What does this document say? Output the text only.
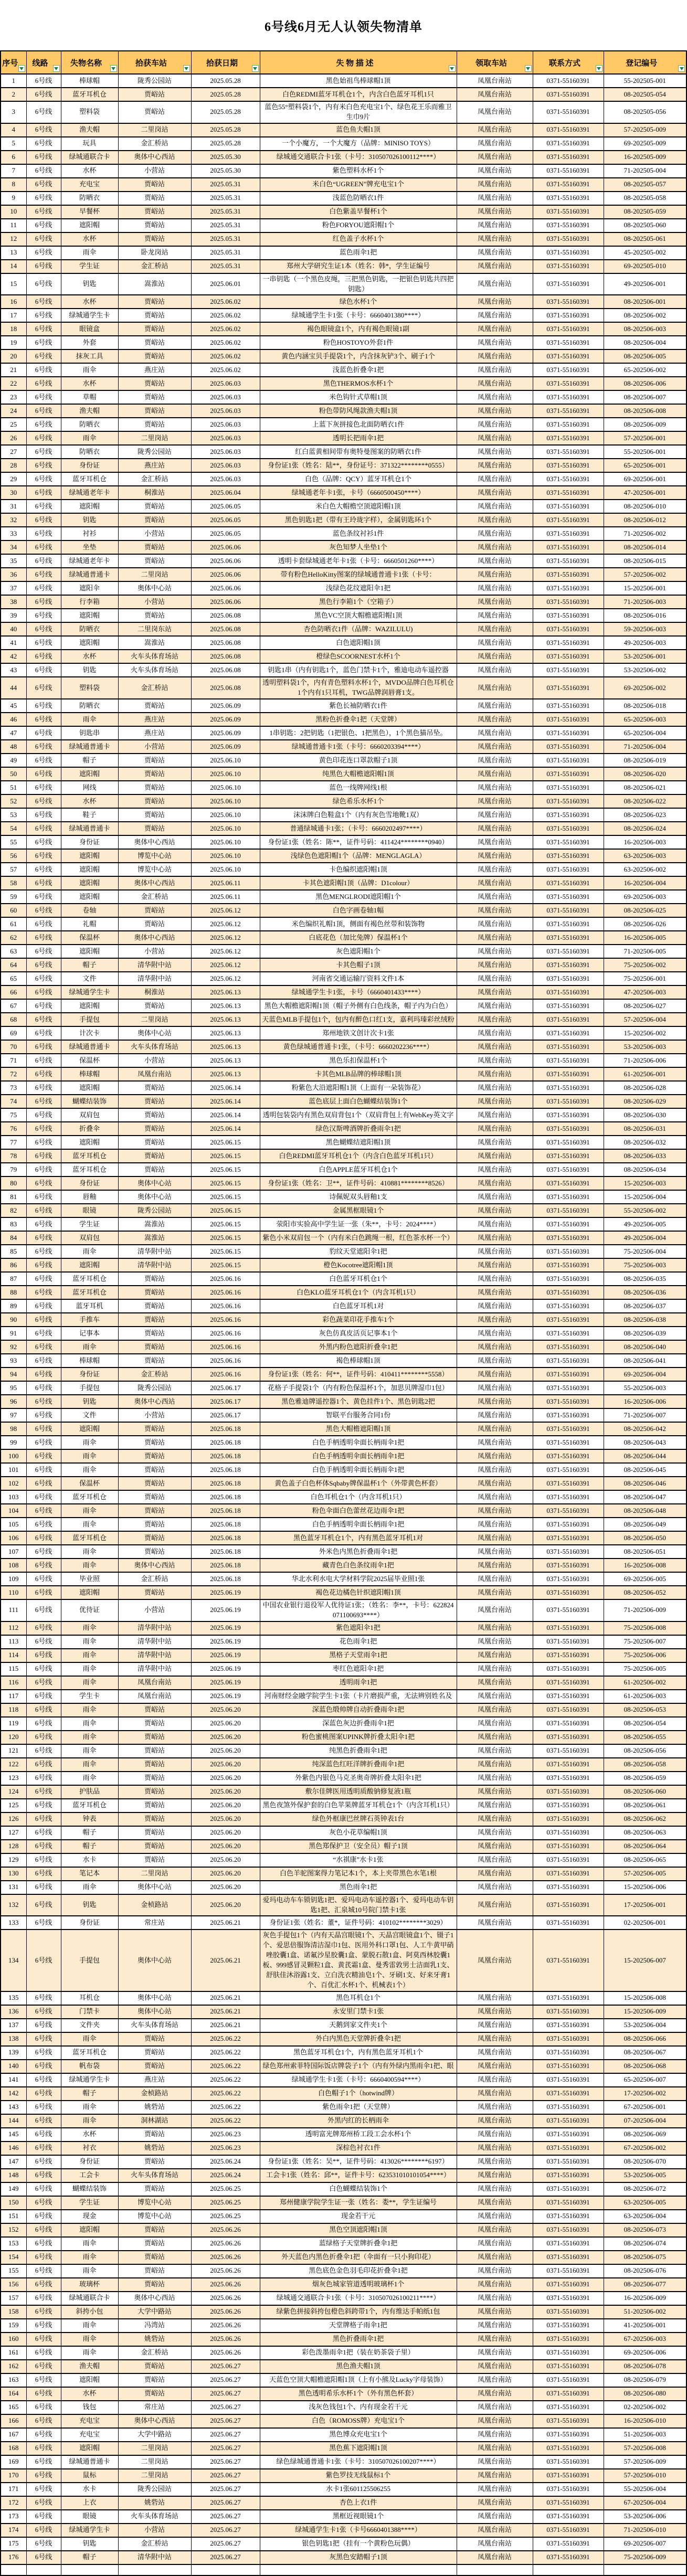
6号线6月无人认领失物清单
序号	线路	失物名称	拾获车站	拾获日期	失 物 描 述	领取车站	联系方式	登记编号

1	6号线	棒球帽	陇秀公园站	2025.05.28	黑色始祖鸟棒球帽1顶	凤凰台南站	0371-55160391	55-202505-001
2	6号线	蓝牙耳机仓	贾峪站	2025.05.28	白色REDMI蓝牙耳机仓1个，内含白色蓝牙耳机1只	凤凰台南站	0371-55160391	08-202505-054
3	6号线	塑料袋	贾峪站	2025.05.28	蓝色55°塑料袋1个，内有米白色充电宝1个、绿色花王乐而雅卫生巾9片	凤凰台南站	0371-55160391	08-202505-056
4	6号线	渔夫帽	二里岗站	2025.05.28	蓝色鱼夫帽1顶	凤凰台南站	0371-55160391	57-202505-009
5	6号线	玩具	金汇桥站	2025.05.28	一个小魔方，一个大魔方（品牌：MINISO TOYS）	凤凰台南站	0371-55160391	69-202505-009
6	6号线	绿城通联合卡	奥体中心西站	2025.05.30	绿城通交通联合卡1张（卡号：310507026100112****）	凤凰台南站	0371-55160391	16-202505-009
7	6号线	水杯	小营站	2025.05.30	紫色塑料水杯1个	凤凰台南站	0371-55160391	71-202505-004
8	6号线	充电宝	贾峪站	2025.05.31	米白色“UGREEN”牌充电宝1个	凤凰台南站	0371-55160391	08-202505-057
9	6号线	防晒衣	贾峪站	2025.05.31	浅蓝色防晒衣1件	凤凰台南站	0371-55160391	08-202505-058
10	6号线	早餐杯	贾峪站	2025.05.31	白色紫盖早餐杯1个	凤凰台南站	0371-55160391	08-202505-059
11	6号线	遮阳帽	贾峪站	2025.05.31	粉色FORYOU遮阳帽1个	凤凰台南站	0371-55160391	08-202505-060
12	6号线	水杯	贾峪站	2025.05.31	红色盖子水杯1个	凤凰台南站	0371-55160391	08-202505-061
13	6号线	雨伞	卧龙岗站	2025.05.31	蓝色雨伞1把	凤凰台南站	0371-55160391	45-202505-002
14	6号线	学生证	金汇桥站	2025.05.31	郑州大学研究生证1本（姓名：韩*，学生证编号	凤凰台南站	0371-55160391	69-202505-010
15	6号线	钥匙	嵩淮站	2025.06.01	一串钥匙（一个黑色皮绳，三把黑色钥匙，一把银色钥匙共四把钥匙）	凤凰台南站	0371-55160391	49-202506-001
16	6号线	水杯	贾峪站	2025.06.02	绿色水杯1个	凤凰台南站	0371-55160391	08-202506-001
17	6号线	绿城通学生卡	贾峪站	2025.06.02	绿城通学生卡1张（卡号：6660401380****）	凤凰台南站	0371-55160391	08-202506-002
18	6号线	眼镜盒	贾峪站	2025.06.02	褐色眼镜盒1个，内有褐色眼镜1副	凤凰台南站	0371-55160391	08-202506-003
19	6号线	外套	贾峪站	2025.06.02	粉色HOSTOYO外套1件	凤凰台南站	0371-55160391	08-202506-004
20	6号线	抹灰工具	贾峪站	2025.06.02	黄色内涵宝贝手提袋1个，内含抹灰铲3个、刷子1个	凤凰台南站	0371-55160391	08-202506-005
21	6号线	雨伞	燕庄站	2025.06.02	浅蓝色折叠伞1把	凤凰台南站	0371-55160391	65-202506-002
22	6号线	水杯	贾峪站	2025.06.03	黑色THERMOS水杯1个	凤凰台南站	0371-55160391	08-202506-006
23	6号线	草帽	贾峪站	2025.06.03	米色钩针式草帽1顶	凤凰台南站	0371-55160391	08-202506-007
24	6号线	渔夫帽	贾峪站	2025.06.03	粉色带防风绳款渔夫帽1顶	凤凰台南站	0371-55160391	08-202506-008
25	6号线	防晒衣	贾峪站	2025.06.03	上蓝下灰拼接色北面防晒衣1件	凤凰台南站	0371-55160391	08-202506-009
26	6号线	雨伞	二里岗站	2025.06.03	透明长把雨伞1把	凤凰台南站	0371-55160391	57-202506-001
27	6号线	防晒衣	陇秀公园站	2025.06.03	红白蓝黄相间带有奥特曼图案的防晒衣1件	凤凰台南站	0371-55160391	55-202506-001
28	6号线	身份证	燕庄站	2025.06.03	身份证1张（姓名：陆**，身份证号：371322********0555）	凤凰台南站	0371-55160391	65-202506-001
29	6号线	蓝牙耳机仓	金汇桥站	2025.06.03	白色（品牌：QCY）蓝牙耳机仓1个	凤凰台南站	0371-55160391	69-202506-001
30	6号线	绿城通老年卡	桐淮站	2025.06.04	绿城通老年卡1张，卡号（6660500450****）	凤凰台南站	0371-55160391	47-202506-001
31	6号线	遮阳帽	贾峪站	2025.06.05	米白色大帽檐空顶遮阳帽1顶	凤凰台南站	0371-55160391	08-202506-010
32	6号线	钥匙	贾峪站	2025.06.05	黑色钥匙1把（带有王玲珑字样），金属钥匙环1个	凤凰台南站	0371-55160391	08-202506-012
33	6号线	衬衫	小营站	2025.06.05	蓝色条纹衬衫1件	凤凰台南站	0371-55160391	71-202506-002
34	6号线	坐垫	贾峪站	2025.06.06	灰色知梦人坐垫1个	凤凰台南站	0371-55160391	08-202506-014
35	6号线	绿城通老年卡	贾峪站	2025.06.06	透明卡套绿城通老年卡1张（卡号：6660501260****）	凤凰台南站	0371-55160391	08-202506-015
36	6号线	绿城通普通卡	二里岗站	2025.06.06	带有粉色HelloKitty图案的绿城通普通卡1张（卡号：	凤凰台南站	0371-55160391	57-202506-002
37	6号线	遮阳伞	奥体中心站	2025.06.06	浅绿色花纹遮阳伞1把	凤凰台南站	0371-55160391	15-202506-001
38	6号线	行李箱	小营站	2025.06.06	黑色行李箱1个（空箱子）	凤凰台南站	0371-55160391	71-202506-003
39	6号线	遮阳帽	贾峪站	2025.06.08	黑色VC空顶大帽檐遮阳帽1顶	凤凰台南站	0371-55160391	08-202506-016
40	6号线	防晒衣	二里岗东站	2025.06.08	杏色防晒衣1件（品牌：WAZILULU)	凤凰台南站	0371-55160391	59-202506-003
41	6号线	遮阳帽	嵩淮站	2025.06.08	白色遮阳帽1顶	凤凰台南站	0371-55160391	49-202506-003
42	6号线	水杯	火车头体育场站	2025.06.08	橙绿色SCOORNEST水杯1个	凤凰台南站	0371-55160391	53-202506-001
43	6号线	钥匙	火车头体育场站	2025.06.08	钥匙1串（内有钥匙1个，蓝色门禁卡1个，雅迪电动车遥控器	凤凰台南站	0371-55160391	53-202506-002
44	6号线	塑料袋	金汇桥站	2025.06.08	透明塑料袋1个，内有青色塑料水杯1个，MVDO品牌白色耳机仓1个内有1只耳机，TWG品牌润唇膏1支。	凤凰台南站	0371-55160391	69-202506-002
45	6号线	防晒衣	贾峪站	2025.06.09	紫色长袖防晒衣1件	凤凰台南站	0371-55160391	08-202506-018
46	6号线	雨伞	燕庄站	2025.06.09	黑粉色折叠伞1把（天堂牌）	凤凰台南站	0371-55160391	65-202506-003
47	6号线	钥匙串	燕庄站	2025.06.09	1串钥匙：2把钥匙（1把银色、1把黑色），1个黑色猫吊坠。	凤凰台南站	0371-55160391	65-202506-004
48	6号线	绿城通普通卡	小营站	2025.06.09	绿城通普通卡1张（卡号：6660203394****）	凤凰台南站	0371-55160391	71-202506-004
49	6号线	帽子	贾峪站	2025.06.10	黄色印花连口罩款帽子1顶	凤凰台南站	0371-55160391	08-202506-019
50	6号线	遮阳帽	贾峪站	2025.06.10	纯黑色大帽檐遮阳帽1顶	凤凰台南站	0371-55160391	08-202506-020
51	6号线	网线	贾峪站	2025.06.10	蓝色一线牌网线1根	凤凰台南站	0371-55160391	08-202506-021
52	6号线	水杯	贾峪站	2025.06.10	绿色希乐水杯1个	凤凰台南站	0371-55160391	08-202506-022
53	6号线	鞋子	贾峪站	2025.06.10	沫沫牌白色鞋盒1个（内有灰色雪地靴1双）	凤凰台南站	0371-55160391	08-202506-023
54	6号线	绿城通普通卡	贾峪站	2025.06.10	普通绿城通卡1张；（卡号：6660202497****）	凤凰台南站	0371-55160391	08-202506-024
55	6号线	身份证	奥体中心西站	2025.06.10	身份证1张（姓名：陈**，证件号码：411424********0940）	凤凰台南站	0371-55160391	16-202506-003
56	6号线	遮阳帽	博览中心站	2025.06.10	浅绿色色遮阳帽1个（品牌：MENGLAGLA）	凤凰台南站	0371-55160391	63-202506-003
57	6号线	遮阳帽	博览中心站	2025.06.10	卡色编织遮阳帽1顶	凤凰台南站	0371-55160391	63-202506-002
58	6号线	遮阳帽	奥体中心西站	2025.06.11	卡其色遮阳帽1顶（品牌：D1colour）	凤凰台南站	0371-55160391	16-202506-004
59	6号线	遮阳帽	金汇桥站	2025.06.11	黑色MENGLRODI遮阳帽1个	凤凰台南站	0371-55160391	69-202506-003
60	6号线	卷轴	贾峪站	2025.06.12	白色字画卷轴1幅	凤凰台南站	0371-55160391	08-202506-025
61	6号线	礼帽	贾峪站	2025.06.12	米色编织礼帽1顶，侧面有褐色丝带和装饰物	凤凰台南站	0371-55160391	08-202506-026
62	6号线	保温杯	奥体中心西站	2025.06.12	白底花色（加比兔牌）保温杯1个	凤凰台南站	0371-55160391	16-202506-005
63	6号线	遮阳帽	小营站	2025.06.12	灰色遮阳帽1个	凤凰台南站	0371-55160391	71-202506-005
64	6号线	帽子	清华附中站	2025.06.12	卡其色帽子1顶	凤凰台南站	0371-55160391	75-202506-002
65	6号线	文件	清华附中站	2025.06.12	河南省交通运输厅资料文件1本	凤凰台南站	0371-55160391	75-202506-001
66	6号线	绿城通学生卡	桐淮站	2025.06.13	绿城通学生卡1张，卡号（6660401433****）	凤凰台南站	0371-55160391	47-202506-003
67	6号线	遮阳帽	贾峪站	2025.06.13	黑色大帽檐遮阳帽1顶（帽子外侧有白色线条，帽子内为白色）	凤凰台南站	0371-55160391	08-202506-027
68	6号线	手提包	二里岗站	2025.06.13	天蓝色MLB手提包1个，包内有醉色口红1支，嘉利玛瑧彩丝绒粉	凤凰台南站	0371-55160391	57-202506-004
69	6号线	计次卡	奥体中心站	2025.06.13	郑州地铁文创计次卡1张	凤凰台南站	0371-55160391	15-202506-002
70	6号线	绿城通普通卡	火车头体育场站	2025.06.13	黄色绿城通普通卡1张，（卡号：6660202236****）	凤凰台南站	0371-55160391	53-202506-003
71	6号线	保温杯	小营站	2025.06.13	黑色乐扣保温杯1个	凤凰台南站	0371-55160391	71-202506-006
72	6号线	棒球帽	凤凰台南站	2025.06.13	卡其色MLB品牌的棒球帽1顶	凤凰台南站	0371-55160391	61-202506-001
73	6号线	遮阳帽	贾峪站	2025.06.14	粉紫色大沿遮阳帽1顶（上面有一朵装饰花）	凤凰台南站	0371-55160391	08-202506-028
74	6号线	蝴蝶结装饰	贾峪站	2025.06.14	蓝色底层上面白色蝴蝶结装饰1个	凤凰台南站	0371-55160391	08-202506-029
75	6号线	双肩包	贾峪站	2025.06.14	透明包装袋内有黑色双肩背包1个（双肩背包上有WebKey英文字	凤凰台南站	0371-55160391	08-202506-030
76	6号线	折叠伞	贾峪站	2025.06.14	绿色汉斯啤酒牌折叠雨伞1把	凤凰台南站	0371-55160391	08-202506-031
77	6号线	遮阳帽	贾峪站	2025.06.15	黑色蝴蝶结遮阳帽1顶	凤凰台南站	0371-55160391	08-202506-032
78	6号线	蓝牙耳机仓	贾峪站	2025.06.15	白色REDMI蓝牙耳机仓1个（内含白色蓝牙耳机1只）	凤凰台南站	0371-55160391	08-202506-033
79	6号线	蓝牙耳机仓	贾峪站	2025.06.15	白色APPLE蓝牙耳机仓1个	凤凰台南站	0371-55160391	08-202506-034
80	6号线	身份证	奥体中心站	2025.06.15	身份证1张（姓名：卫**，证件号码：410881********8526）	凤凰台南站	0371-55160391	15-202506-003
81	6号线	唇釉	奥体中心站	2025.06.15	诗佩妮双头唇釉1支	凤凰台南站	0371-55160391	15-202506-004
82	6号线	眼镜	陇秀公园站	2025.06.15	金属黑框眼镜1个	凤凰台南站	0371-55160391	55-202506-002
83	6号线	学生证	嵩淮站	2025.06.15	荥阳市实验高中学生证一张（朱**，卡号：2024****）	凤凰台南站	0371-55160391	49-202506-005
84	6号线	双肩包	嵩淮站	2025.06.15	紫色小米双肩包一个（内有米白色跳绳一根，红色茶水杯一个）	凤凰台南站	0371-55160391	49-202506-004
85	6号线	雨伞	清华附中站	2025.06.15	豹纹天堂遮阳伞1把	凤凰台南站	0371-55160391	75-202506-004
86	6号线	遮阳帽	清华附中站	2025.06.15	橙色Kocotree遮阳帽1顶	凤凰台南站	0371-55160391	75-202506-003
87	6号线	蓝牙耳机仓	贾峪站	2025.06.16	白色蓝牙耳机仓1个	凤凰台南站	0371-55160391	08-202506-035
88	6号线	蓝牙耳机仓	贾峪站	2025.06.16	白色KLO蓝牙耳机仓1个（内含耳机1只）	凤凰台南站	0371-55160391	08-202506-036
89	6号线	蓝牙耳机	贾峪站	2025.06.16	白色蓝牙耳机1对	凤凰台南站	0371-55160391	08-202506-037
90	6号线	手推车	贾峪站	2025.06.16	彩色蔬菜印花手推车1个	凤凰台南站	0371-55160391	08-202506-038
91	6号线	记事本	贾峪站	2025.06.16	灰色仿真皮活页记事本1个	凤凰台南站	0371-55160391	08-202506-039
92	6号线	雨伞	贾峪站	2025.06.16	外黑内粉色遮阳折叠伞1把	凤凰台南站	0371-55160391	08-202506-040
93	6号线	棒球帽	贾峪站	2025.06.16	褐色棒球帽1顶	凤凰台南站	0371-55160391	08-202506-041
94	6号线	身份证	金汇桥站	2025.06.16	身份证1张（姓名：何**，证件号码：410411********5558）	凤凰台南站	0371-55160391	69-202506-004
95	6号线	手提包	陇秀公园站	2025.06.17	花格子手提袋1个（内有粉色保温杯1个，加思贝牌湿巾1包）	凤凰台南站	0371-55160391	55-202506-003
96	6号线	钥匙	奥体中心西站	2025.06.17	黑色雅迪牌遥控器1个、黄色挂件1个、黑色钥匙2把	凤凰台南站	0371-55160391	16-202506-006
97	6号线	文件	小营站	2025.06.17	智联平台服务合同1份	凤凰台南站	0371-55160391	71-202506-007
98	6号线	遮阳帽	贾峪站	2025.06.18	黑色大帽檐遮阳帽1顶	凤凰台南站	0371-55160391	08-202506-042
99	6号线	雨伞	贾峪站	2025.06.18	白色手柄透明伞面长柄雨伞1把	凤凰台南站	0371-55160391	08-202506-043
100	6号线	雨伞	贾峪站	2025.06.18	白色手柄透明伞面长柄雨伞1把	凤凰台南站	0371-55160391	08-202506-044
101	6号线	雨伞	贾峪站	2025.06.18	白色手柄透明伞面长柄雨伞1把	凤凰台南站	0371-55160391	08-202506-045
102	6号线	保温杯	贾峪站	2025.06.18	黄色盖子白色杯体Sqbaby牌保温杯1个（外带黄色杯套）	凤凰台南站	0371-55160391	08-202506-046
103	6号线	蓝牙耳机仓	贾峪站	2025.06.18	白色耳机仓1个（内含耳机1只）	凤凰台南站	0371-55160391	08-202506-047
104	6号线	雨伞	贾峪站	2025.06.18	粉色伞面白色蕾丝花边雨伞1把	凤凰台南站	0371-55160391	08-202506-048
105	6号线	雨伞	贾峪站	2025.06.18	白色手柄透明伞面长柄雨伞1把	凤凰台南站	0371-55160391	08-202506-049
106	6号线	蓝牙耳机仓	贾峪站	2025.06.18	黑色蓝牙耳机仓1个，内有黑色蓝牙耳机1对	凤凰台南站	0371-55160391	08-202506-050
107	6号线	雨伞	贾峪站	2025.06.18	外米色内黑色折叠雨伞1把	凤凰台南站	0371-55160391	08-202506-051
108	6号线	雨伞	奥体中心西站	2025.06.18	藏青色白色条纹雨伞1把	凤凰台南站	0371-55160391	16-202506-008
109	6号线	毕业照	金汇桥站	2025.06.18	华北水利水电大学材料学院2025届毕业照1张	凤凰台南站	0371-55160391	69-202506-005
110	6号线	遮阳帽	贾峪站	2025.06.19	褐色花边橘色针织遮阳帽1顶	凤凰台南站	0371-55160391	08-202506-052
111	6号线	优待证	小营站	2025.06.19	中国农业银行退役军人优待证1张；（姓名：李**，卡号：622824071100693****）	凤凰台南站	0371-55160391	71-202506-009
112	6号线	雨伞	清华附中站	2025.06.19	紫色遮阳伞1把	凤凰台南站	0371-55160391	75-202506-008
113	6号线	雨伞	清华附中站	2025.06.19	花色雨伞1把	凤凰台南站	0371-55160391	75-202506-007
114	6号线	雨伞	清华附中站	2025.06.19	黑格子天堂雨伞1把	凤凰台南站	0371-55160391	75-202506-006
115	6号线	雨伞	清华附中站	2025.06.19	枣红色遮阳伞1把	凤凰台南站	0371-55160391	75-202506-005
116	6号线	雨伞	凤凰台南站	2025.06.19	透明雨伞1把	凤凰台南站	0371-55160391	61-202506-002
117	6号线	学生卡	凤凰台南站	2025.06.19	河南财经金融学院学生卡1张（卡片磨损严重，无法辨别姓名及	凤凰台南站	0371-55160391	61-202506-003
118	6号线	雨伞	贾峪站	2025.06.20	深蓝色缎帅牌自动折叠雨伞1把	凤凰台南站	0371-55160391	08-202506-053
119	6号线	雨伞	贾峪站	2025.06.20	深蓝色灰边折叠雨伞1把	凤凰台南站	0371-55160391	08-202506-054
120	6号线	雨伞	贾峪站	2025.06.20	粉色蜜桃图案UPINK牌折叠太阳伞1把	凤凰台南站	0371-55160391	08-202506-055
121	6号线	雨伞	贾峪站	2025.06.20	纯黑色折叠雨伞1把	凤凰台南站	0371-55160391	08-202506-056
122	6号线	雨伞	贾峪站	2025.06.20	纯深蓝色红旺洋牌折叠雨伞1把	凤凰台南站	0371-55160391	08-202506-058
123	6号线	雨伞	贾峪站	2025.06.20	外紫色内银色马克圣奥奇牌折叠太阳伞1把	凤凰台南站	0371-55160391	08-202506-059
124	6号线	护肤品	贾峪站	2025.06.20	敷尔佳牌医用透明质酸钠修复液1瓶	凤凰台南站	0371-55160391	08-202506-060
125	6号线	蓝牙耳机仓	贾峪站	2025.06.20	黑色夜煞外保护套的白色苹果牌蓝牙耳机仓1个（内含耳机1只）	凤凰台南站	0371-55160391	08-202506-061
126	6号线	钟表	贾峪站	2025.06.20	绿色外框康巴丝牌石英钟表1台	凤凰台南站	0371-55160391	08-202506-062
127	6号线	帽子	贾峪站	2025.06.20	灰色小花草编帽1顶	凤凰台南站	0371-55160391	08-202506-063
128	6号线	帽子	贾峪站	2025.06.20	黑色郑保护卫（安全员）帽子1顶	凤凰台南站	0371-55160391	08-202506-064
129	6号线	水卡	贾峪站	2025.06.20	“水祺康”水卡1张	凤凰台南站	0371-55160391	08-202506-065
130	6号线	笔记本	二里岗站	2025.06.20	白色羊驼图案得力笔记本1个，本上夹带黑色水笔1根	凤凰台南站	0371-55160391	57-202506-005
131	6号线	雨伞	奥体中心站	2025.06.20	黑色雨伞1把	凤凰台南站	0371-55160391	15-202506-006
132	6号线	钥匙	金桢路站	2025.06.20	爱玛电动车车锁钥匙1把、爱玛电动车遥控器1个、爱玛电动车钥匙1把、汇泉城10号院门禁卡1张	凤凰台南站	0371-55160391	17-202506-001
133	6号线	身份证	常庄站	2025.06.21	身份证1张（姓名：董*，证件号码：410102********3029）	凤凰台南站	0371-55160391	02-202506-001
134	6号线	手提包	奥体中心站	2025.06.21	灰色手提包1个（内有天晶宫眼镜1个、天晶宫眼镜盒1个、镊子1个、爱思倍服饰清洁湿巾1包、医用外科口罩1包、人工牛黄甲硝唑胶囊1盒、诺氟沙星胶囊1盒、蒙脱石散1盒、阿莫西林胶囊1板、999感冒灵颗粒1盒、黄芪霜1盒、曼秀雷敦男士洁面乳1支、舒肤佳沐浴露1支、立白洗衣精油皂1个、牙刷1支、好来牙膏1个、百优汇水杯1个、机械表1个）	凤凰台南站	0371-55160391	15-202506-007
135	6号线	耳机仓	奥体中心站	2025.06.21	黑色耳机仓1个	凤凰台南站	0371-55160391	15-202506-008
136	6号线	门禁卡	奥体中心站	2025.06.21	永安里门禁卡1张	凤凰台南站	0371-55160391	15-202506-009
137	6号线	文件夹	火车头体育场站	2025.06.21	天鹅到家文件夹1个	凤凰台南站	0371-55160391	53-202506-004
138	6号线	雨伞	贾峪站	2025.06.22	外白内黑色天堂牌折叠伞1把	凤凰台南站	0371-55160391	08-202506-066
139	6号线	蓝牙耳机仓	贾峪站	2025.06.22	黑色蓝牙耳机仓1个，内有黑色蓝牙耳机1个	凤凰台南站	0371-55160391	08-202506-067
140	6号线	帆布袋	贾峪站	2025.06.22	绿色郑州索菲特国际饭店牌袋子1个（内有外绿内黑雨伞1把、眼	凤凰台南站	0371-55160391	08-202506-068
141	6号线	绿城通学生卡	燕庄站	2025.06.22	绿城通学生卡1张（卡号：6660400594****）	凤凰台南站	0371-55160391	65-202506-007
142	6号线	帽子	金桢路站	2025.06.22	白色帽子1个（hotwind牌）	凤凰台南站	0371-55160391	17-202506-002
143	6号线	雨伞	姚砦站	2025.06.22	紫色雨伞1把（天堂牌）	凤凰台南站	0371-55160391	67-202506-001
144	6号线	雨伞	洞林湖站	2025.06.22	外黑内红的长柄雨伞	凤凰台南站	0371-55160391	07-202506-004
145	6号线	水杯	贾峪站	2025.06.23	透明富光牌郑州桥工段工会水杯1个	凤凰台南站	0371-55160391	08-202506-069
146	6号线	衬衣	姚砦站	2025.06.23	深棕色衬衣1件	凤凰台南站	0371-55160391	67-202506-002
147	6号线	身份证	贾峪站	2025.06.24	身份证1张（姓名：吴**，证件号码：413026********6197）	凤凰台南站	0371-55160391	08-202506-070
148	6号线	工会卡	火车头体育场站	2025.06.24	工会卡1张（姓名：邱**，证件卡号：623531010101054****）	凤凰台南站	0371-55160391	53-202506-005
149	6号线	蝴蝶结装饰	贾峪站	2025.06.25	白色蝴蝶结装饰1个	凤凰台南站	0371-55160391	08-202506-072
150	6号线	学生证	博览中心站	2025.06.25	郑州健康学院学生证一张（姓名：娄**，学生证编号	凤凰台南站	0371-55160391	63-202506-005
151	6号线	现金	博览中心站	2025.06.25	现金若干元	凤凰台南站	0371-55160391	63-202506-004
152	6号线	遮阳帽	贾峪站	2025.06.26	黑色空顶遮阳帽1顶	凤凰台南站	0371-55160391	08-202506-073
153	6号线	雨伞	贾峪站	2025.06.26	蓝绿格子天堂牌折叠伞1把	凤凰台南站	0371-55160391	08-202506-074
154	6号线	雨伞	贾峪站	2025.06.26	外天蓝色内黑色折叠伞1把（伞面有一只小狗印花）	凤凰台南站	0371-55160391	08-202506-075
155	6号线	雨伞	贾峪站	2025.06.26	黑色底色金色羽毛印花折叠伞1把	凤凰台南站	0371-55160391	08-202506-076
156	6号线	玻璃杯	贾峪站	2025.06.26	烟灰色城家管道透明玻璃杯1个	凤凰台南站	0371-55160391	08-202506-077
157	6号线	绿城通联合卡	奥体中心西站	2025.06.26	绿城通交通联合卡1张（卡号：310507026100211****）	凤凰台南站	0371-55160391	16-202506-009
158	6号线	斜挎小包	大学中路站	2025.06.26	绿紫色拼接斜挎包橙色斜跨带1个，内有维达手帕纸1包	凤凰台南站	0371-55160391	51-202506-002
159	6号线	雨伞	冯湾站	2025.06.26	天堂牌格子雨伞1把	凤凰台南站	0371-55160391	41-202506-001
160	6号线	雨伞	姚砦站	2025.06.26	黑色折叠雨伞1把	凤凰台南站	0371-55160391	67-202506-003
161	6号线	雨伞	金汇桥站	2025.06.26	彩色泼墨雨伞1把（装在奶茶袋子里）	凤凰台南站	0371-55160391	69-202506-006
162	6号线	渔夫帽	贾峪站	2025.06.27	黑色渔夫帽1顶	凤凰台南站	0371-55160391	08-202506-078
163	6号线	遮阳帽	贾峪站	2025.06.27	天蓝色空顶大帽檐遮阳帽1顶（上有小熊及Lucky字母装饰）	凤凰台南站	0371-55160391	08-202506-079
164	6号线	水杯	贾峪站	2025.06.27	黑色透明希乐水杯1个（外有黑色杯套）	凤凰台南站	0371-55160391	08-202506-080
165	6号线	钱包	常庄站	2025.06.27	浅灰色钱包1个、内有现金若干元	凤凰台南站	0371-55160391	02-202506-002
166	6号线	充电宝	奥体中心西站	2025.06.27	白色（ROMOSS牌）充电宝1个	凤凰台南站	0371-55160391	16-202506-010
167	6号线	充电宝	大学中路站	2025.06.27	黑色博众充电宝1个	凤凰台南站	0371-55160391	51-202506-003
168	6号线	遮阳帽	二里岗站	2025.06.27	黑色蕉下遮阳帽1顶	凤凰台南站	0371-55160391	57-202506-008
169	6号线	绿城通普通卡	二里岗站	2025.06.27	绿色绿城通普通卡1张（卡号：310507026100207****）	凤凰台南站	0371-55160391	57-202506-009
170	6号线	鼠标	二里岗站	2025.06.27	紫色罗技无线鼠标1个	凤凰台南站	0371-55160391	57-202506-010
171	6号线	水卡	陇秀公园站	2025.06.27	水卡1张601125506255	凤凰台南站	0371-55160391	55-202506-004
172	6号线	上衣	姚砦站	2025.06.27	杏色上衣1件	凤凰台南站	0371-55160391	67-202506-004
173	6号线	眼镜	火车头体育场站	2025.06.27	黑框近视眼镜1个	凤凰台南站	0371-55160391	53-202506-006
174	6号线	绿城通学生卡	小营站	2025.06.27	绿城通学生卡1张（卡号6660401388****）	凤凰台南站	0371-55160391	71-202506-010
175	6号线	钥匙	金汇桥站	2025.06.27	银色钥匙1把（挂有一个黄粉色玩偶）	凤凰台南站	0371-55160391	69-202506-007
176	6号线	帽子	清华附中站	2025.06.27	灰黑色安踏帽子1顶	凤凰台南站	0371-55160391	75-202506-009
